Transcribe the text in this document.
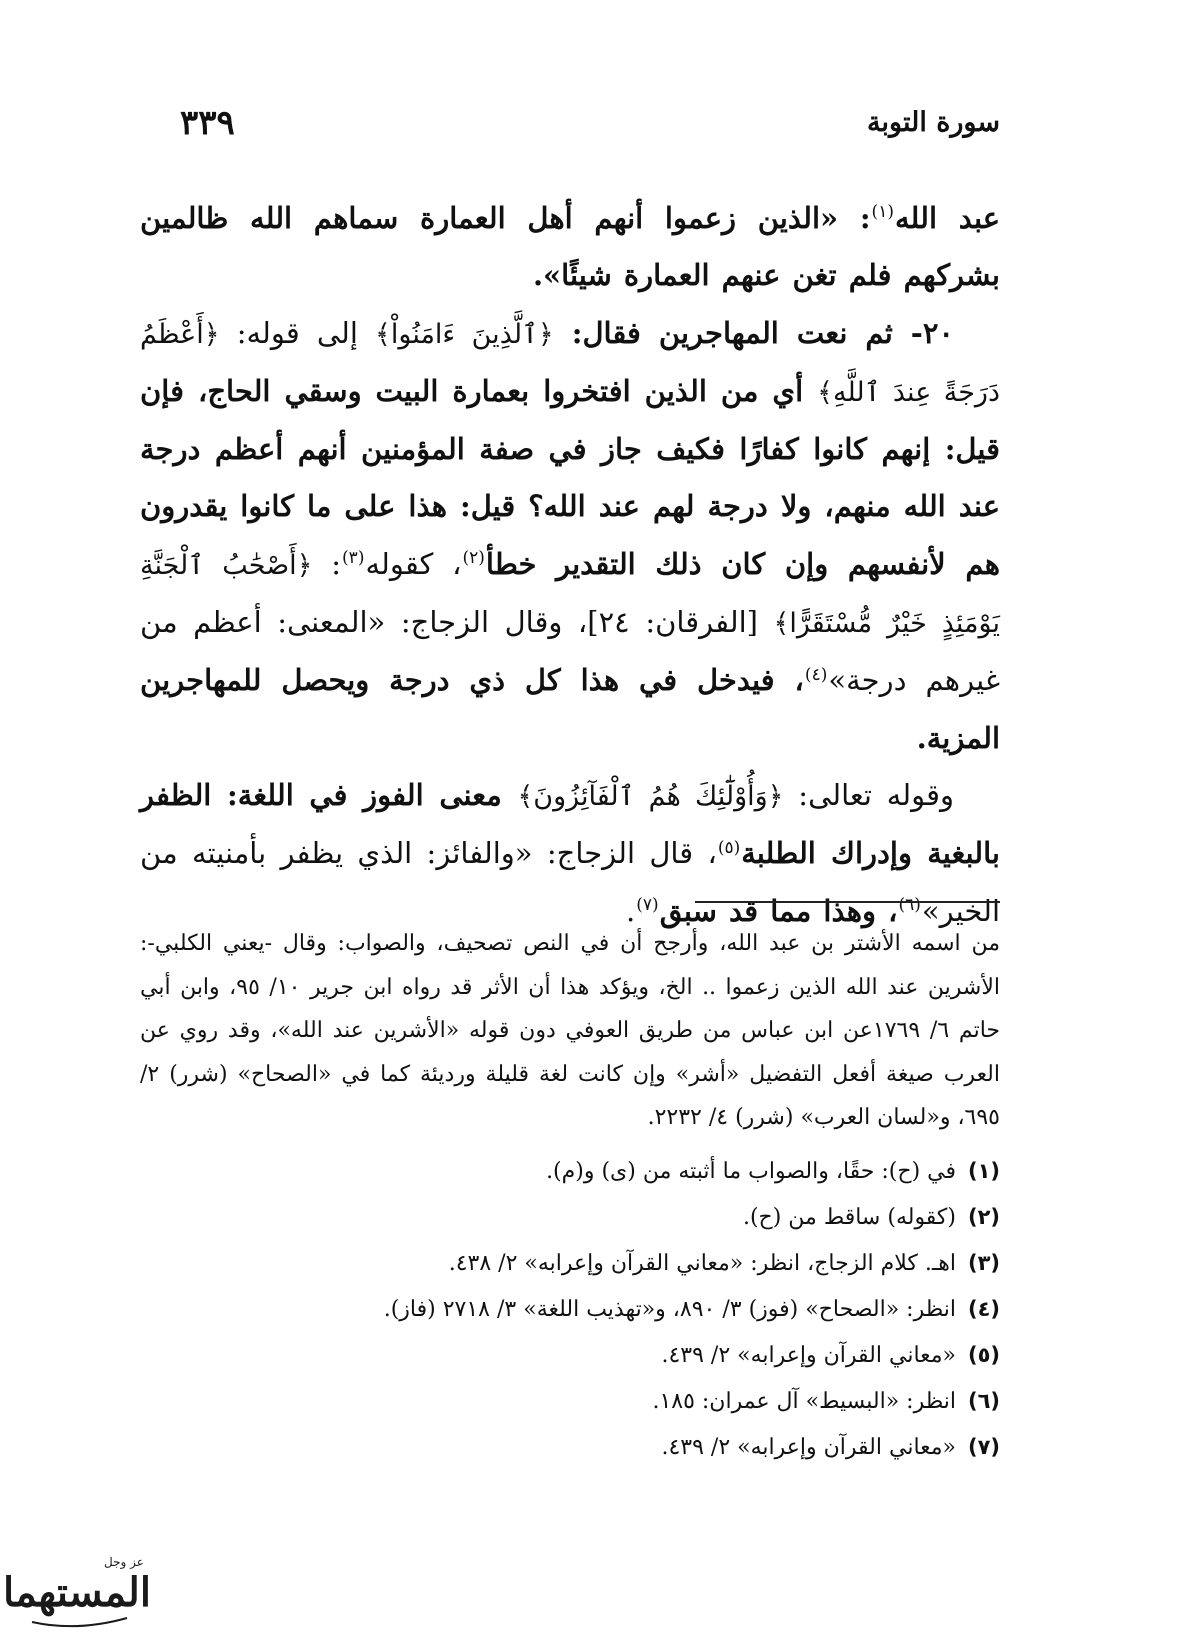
سورة التوبة
٣٣٩

عبد الله$^{(١)}$: «الذين زعموا أنهم أهل العمارة سماهم الله ظالمين بشركهم فلم تغن عنهم العمارة شيئًا».

٢٠- ثم نعت المهاجرين فقال: ﴿ٱلَّذِينَ ءَامَنُواْ﴾ إلى قوله: ﴿أَعْظَمُ دَرَجَةً عِندَ ٱللَّهِ﴾ أي من الذين افتخروا بعمارة البيت وسقي الحاج، فإن قيل: إنهم كانوا كفارًا فكيف جاز في صفة المؤمنين أنهم أعظم درجة عند الله منهم، ولا درجة لهم عند الله؟ قيل: هذا على ما كانوا يقدرون هم لأنفسهم وإن كان ذلك التقدير خطأ$^{(٢)}$، كقوله$^{(٣)}$: ﴿أَصْحَٰبُ ٱلْجَنَّةِ يَوْمَئِذٍ خَيْرٌ مُّسْتَقَرًّا﴾ [الفرقان: ٢٤]، وقال الزجاج: «المعنى: أعظم من غيرهم درجة»$^{(٤)}$، فيدخل في هذا كل ذي درجة ويحصل للمهاجرين المزية.

وقوله تعالى: ﴿وَأُوْلَٰٓئِكَ هُمُ ٱلْفَآئِزُونَ﴾ معنى الفوز في اللغة: الظفر بالبغية وإدراك الطلبة$^{(٥)}$، قال الزجاج: «والفائز: الذي يظفر بأمنيته من الخير»$^{(٦)}$، وهذا مما قد سبق$^{(٧)}$.

من اسمه الأشتر بن عبد الله، وأرجح أن في النص تصحيف، والصواب: وقال -يعني الكلبي-: الأشرين عند الله الذين زعموا .. الخ، ويؤكد هذا أن الأثر قد رواه ابن جرير ١٠/ ٩٥، وابن أبي حاتم ٦/ ١٧٦٩عن ابن عباس من طريق العوفي دون قوله «الأشرين عند الله»، وقد روي عن العرب صيغة أفعل التفضيل «أشر» وإن كانت لغة قليلة ورديئة كما في «الصحاح» (شرر) ٢/ ٦٩٥، و«لسان العرب» (شرر) ٤/ ٢٢٣٢.
(١)في (ح): حقًا، والصواب ما أثبته من (ى) و(م).
(٢)(كقوله) ساقط من (ح).
(٣)اهـ. كلام الزجاج، انظر: «معاني القرآن وإعرابه» ٢/ ٤٣٨.
(٤)انظر: «الصحاح» (فوز) ٣/ ٨٩٠، و«تهذيب اللغة» ٣/ ٢٧١٨ (فاز).
(٥)«معاني القرآن وإعرابه» ٢/ ٤٣٩.
(٦)انظر: «البسيط» آل عمران: ١٨٥.
(٧)«معاني القرآن وإعرابه» ٢/ ٤٣٩.
المستهما
عز وجل
